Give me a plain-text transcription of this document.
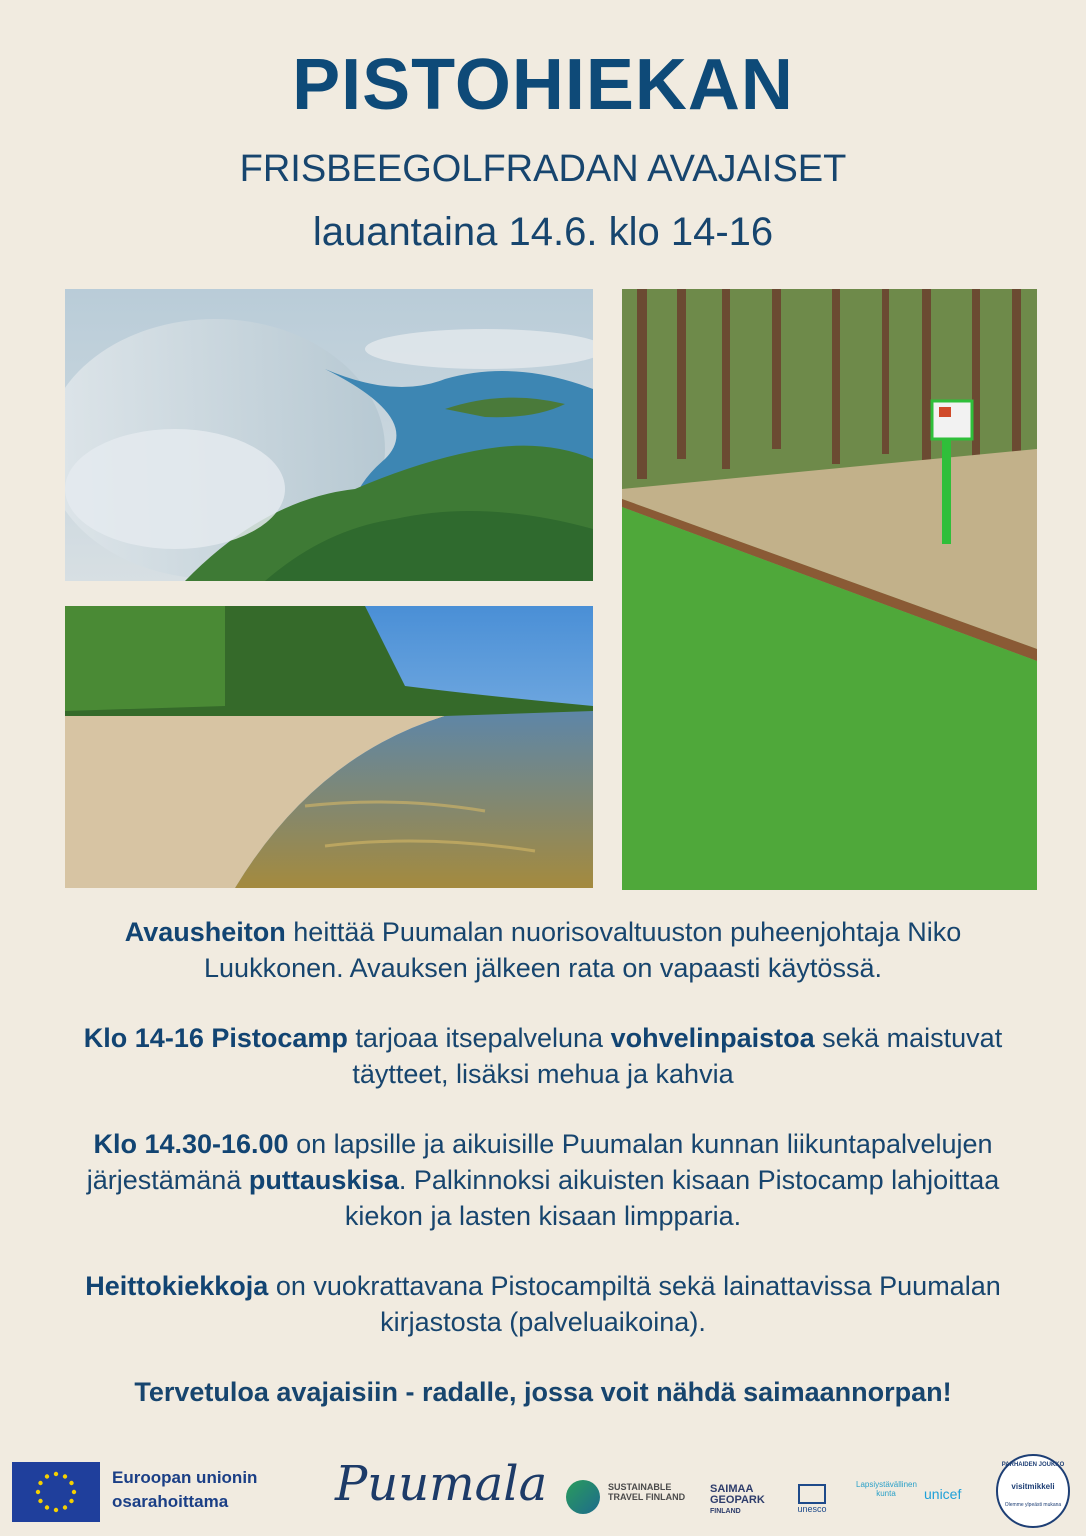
PISTOHIEKAN
FRISBEEGOLFRADAN AVAJAISET
lauantaina 14.6. klo 14-16

Avausheiton heittää Puumalan nuorisovaltuuston puheenjohtaja Niko Luukkonen. Avauksen jälkeen rata on vapaasti käytössä.

Klo 14-16 Pistocamp tarjoaa itsepalveluna vohvelinpaistoa sekä maistuvat täytteet, lisäksi mehua ja kahvia

Klo 14.30-16.00 on lapsille ja aikuisille Puumalan kunnan liikuntapalvelujen järjestämänä puttauskisa. Palkinnoksi aikuisten kisaan Pistocamp lahjoittaa kiekon ja lasten kisaan limpparia.

Heittokiekkoja on vuokrattavana Pistocampiltä sekä lainattavissa Puumalan kirjastosta (palveluaikoina).

Tervetuloa avajaisiin - radalle, jossa voit nähdä saimaannorpan!

Euroopan unionin
osarahoittama	Puumala	SUSTAINABLE TRAVEL FINLAND
SAIMAA
GEOPARK
FINLAND	unesco
Lapsiystävällinen kunta	unicef	visitmikkeli
PARHAIDEN JOUKKO
Olemme ylpeästi mukana
